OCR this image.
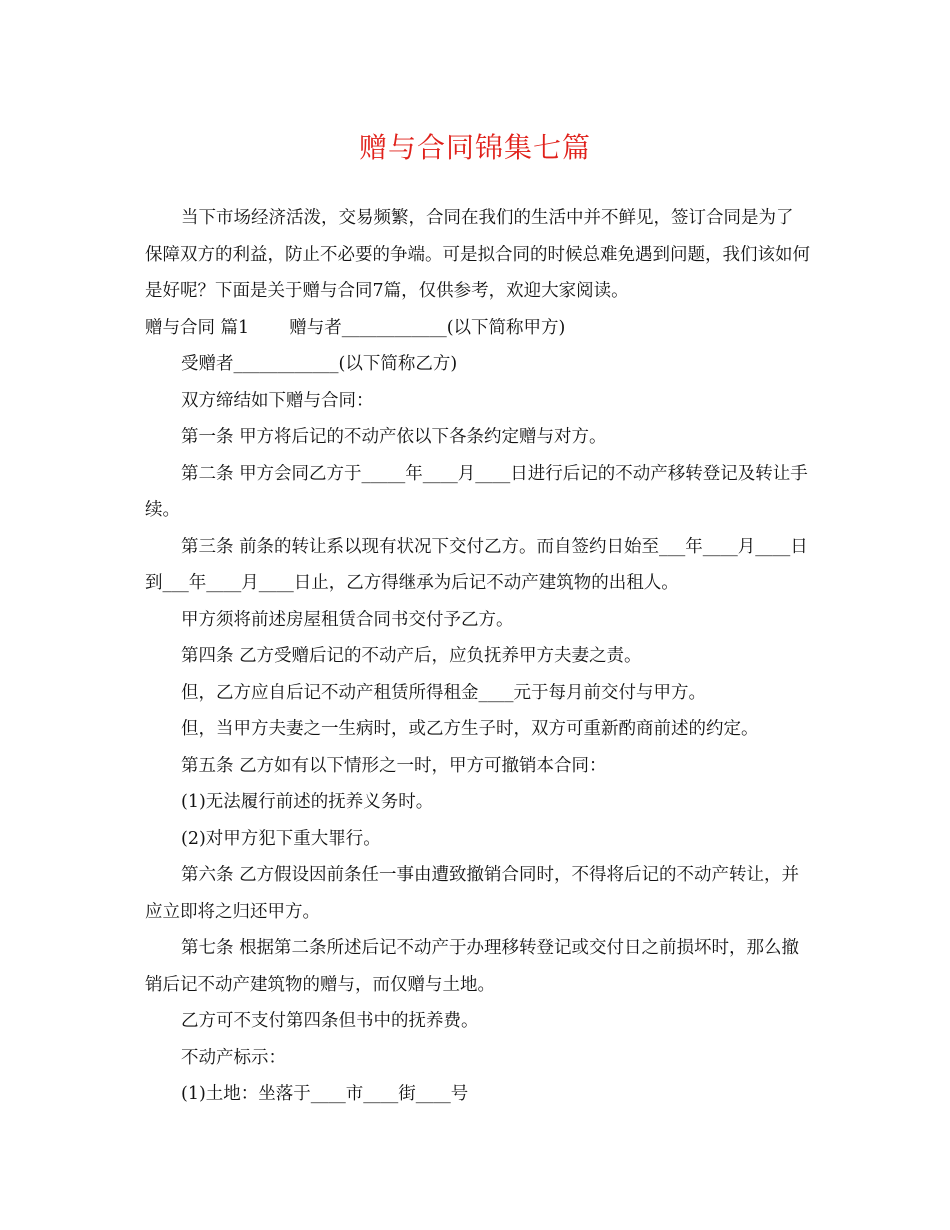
赠与合同锦集七篇

当下市场经济活泼，交易频繁，合同在我们的生活中并不鲜见，签订合同是为了保障双方的利益，防止不必要的争端。可是拟合同的时候总难免遇到问题，我们该如何是好呢？下面是关于赠与合同7篇，仅供参考，欢迎大家阅读。

赠与合同 篇1 赠与者____________(以下简称甲方)

受赠者____________(以下简称乙方)

双方缔结如下赠与合同：

第一条 甲方将后记的不动产依以下各条约定赠与对方。

第二条 甲方会同乙方于_____年____月____日进行后记的不动产移转登记及转让手续。

第三条 前条的转让系以现有状况下交付乙方。而自签约日始至___年____月____日到___年____月____日止，乙方得继承为后记不动产建筑物的出租人。

甲方须将前述房屋租赁合同书交付予乙方。

第四条 乙方受赠后记的不动产后，应负抚养甲方夫妻之责。

但，乙方应自后记不动产租赁所得租金____元于每月前交付与甲方。

但，当甲方夫妻之一生病时，或乙方生子时，双方可重新酌商前述的约定。

第五条 乙方如有以下情形之一时，甲方可撤销本合同：

(1)无法履行前述的抚养义务时。

(2)对甲方犯下重大罪行。

第六条 乙方假设因前条任一事由遭致撤销合同时，不得将后记的不动产转让，并应立即将之归还甲方。

第七条 根据第二条所述后记不动产于办理移转登记或交付日之前损坏时，那么撤销后记不动产建筑物的赠与，而仅赠与土地。

乙方可不支付第四条但书中的抚养费。

不动产标示：

(1)土地：坐落于____市____街____号
